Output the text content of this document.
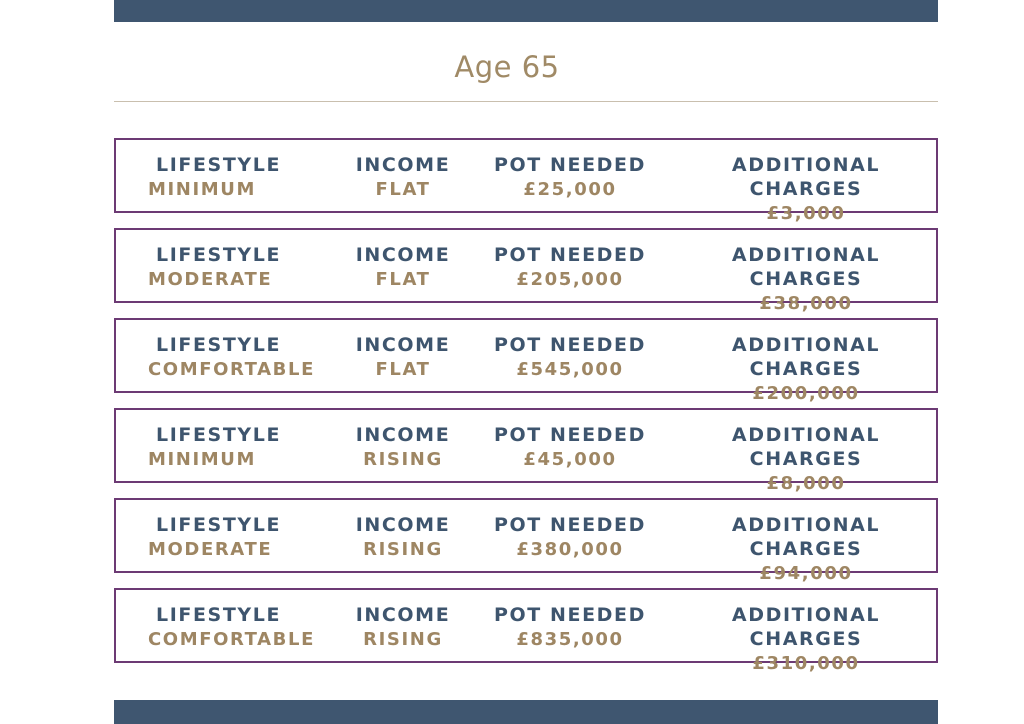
Age 65
LIFESTYLE
MINIMUM
INCOME
FLAT
POT NEEDED
£25,000
ADDITIONAL CHARGES
£3,000
LIFESTYLE
MODERATE
INCOME
FLAT
POT NEEDED
£205,000
ADDITIONAL CHARGES
£38,000
LIFESTYLE
COMFORTABLE
INCOME
FLAT
POT NEEDED
£545,000
ADDITIONAL CHARGES
£200,000
LIFESTYLE
MINIMUM
INCOME
RISING
POT NEEDED
£45,000
ADDITIONAL CHARGES
£8,000
LIFESTYLE
MODERATE
INCOME
RISING
POT NEEDED
£380,000
ADDITIONAL CHARGES
£94,000
LIFESTYLE
COMFORTABLE
INCOME
RISING
POT NEEDED
£835,000
ADDITIONAL CHARGES
£310,000
